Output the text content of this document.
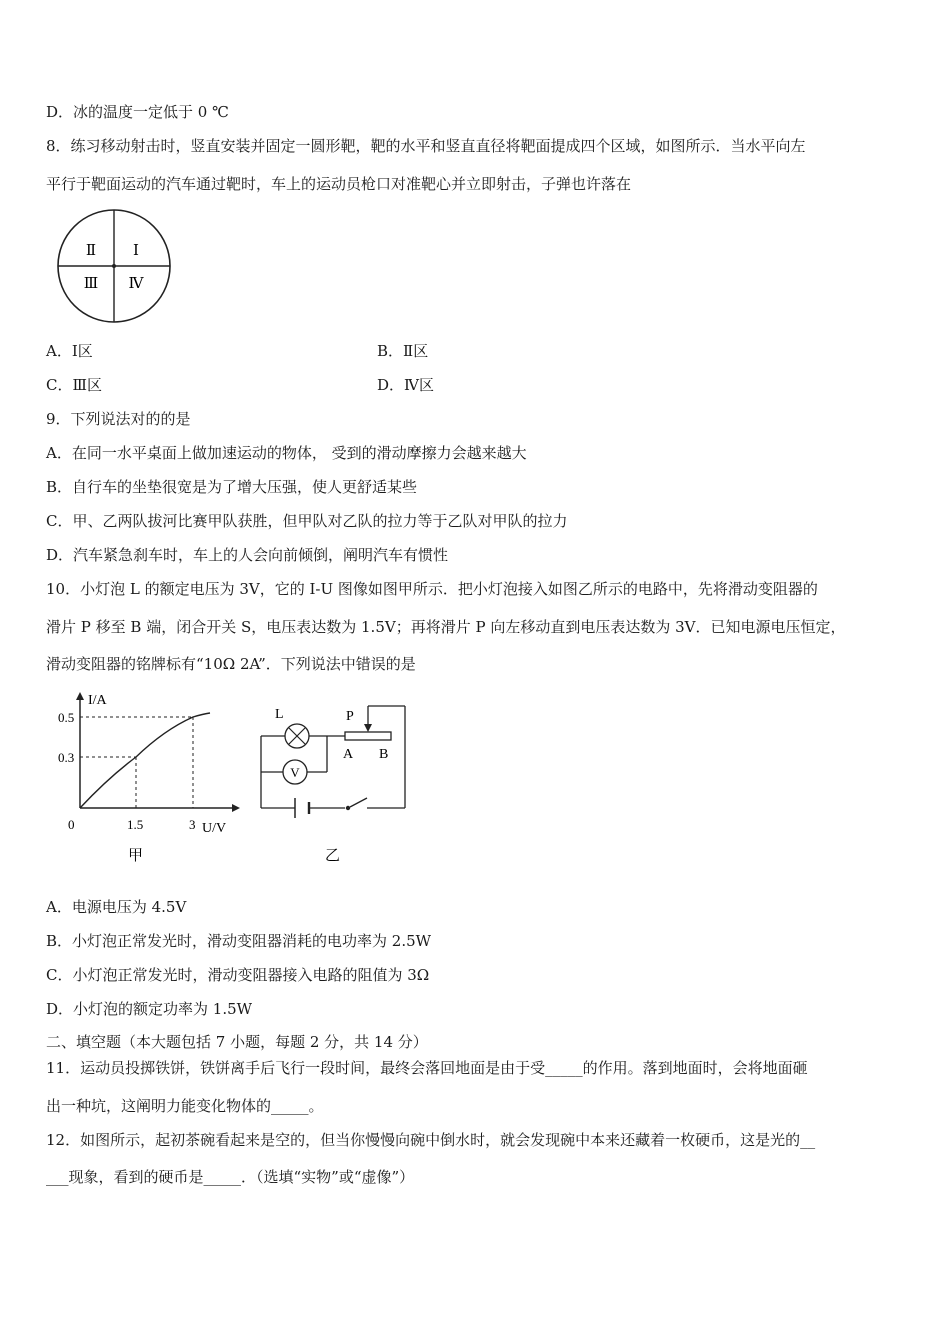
D．冰的温度一定低于 0 ℃
8．练习移动射击时，竖直安装并固定一圆形靶，靶的水平和竖直直径将靶面提成四个区域，如图所示．当水平向左
平行于靶面运动的汽车通过靶时，车上的运动员枪口对准靶心并立即射击，子弹也许落在
Ⅱ Ⅰ
Ⅲ Ⅳ
A．Ⅰ区	B．Ⅱ区
C．Ⅲ区	D．Ⅳ区
9．下列说法对的的是
A．在同一水平桌面上做加速运动的物体， 受到的滑动摩擦力会越来越大
B．自行车的坐垫很宽是为了增大压强，使人更舒适某些
C．甲、乙两队拔河比赛甲队获胜，但甲队对乙队的拉力等于乙队对甲队的拉力
D．汽车紧急刹车时，车上的人会向前倾倒，阐明汽车有惯性
10．小灯泡 L 的额定电压为 3V，它的 I-U 图像如图甲所示．把小灯泡接入如图乙所示的电路中，先将滑动变阻器的
滑片 P 移至 B 端，闭合开关 S，电压表达数为 1.5V；再将滑片 P 向左移动直到电压表达数为 3V．已知电源电压恒定，
滑动变阻器的铭牌标有“10Ω 2A”．下列说法中错误的是
I/A
U/V
0
0.5
0.3
1.5	3
甲
L
V
P
A B
乙
A．电源电压为 4.5V
B．小灯泡正常发光时，滑动变阻器消耗的电功率为 2.5W
C．小灯泡正常发光时，滑动变阻器接入电路的阻值为 3Ω
D．小灯泡的额定功率为 1.5W
二、填空题（本大题包括 7 小题，每题 2 分，共 14 分）
11．运动员投掷铁饼，铁饼离手后飞行一段时间，最终会落回地面是由于受_____的作用。落到地面时，会将地面砸
出一种坑，这阐明力能变化物体的_____。
12．如图所示，起初茶碗看起来是空的，但当你慢慢向碗中倒水时，就会发现碗中本来还藏着一枚硬币，这是光的__
___现象，看到的硬币是_____．（选填“实物”或“虚像”）
